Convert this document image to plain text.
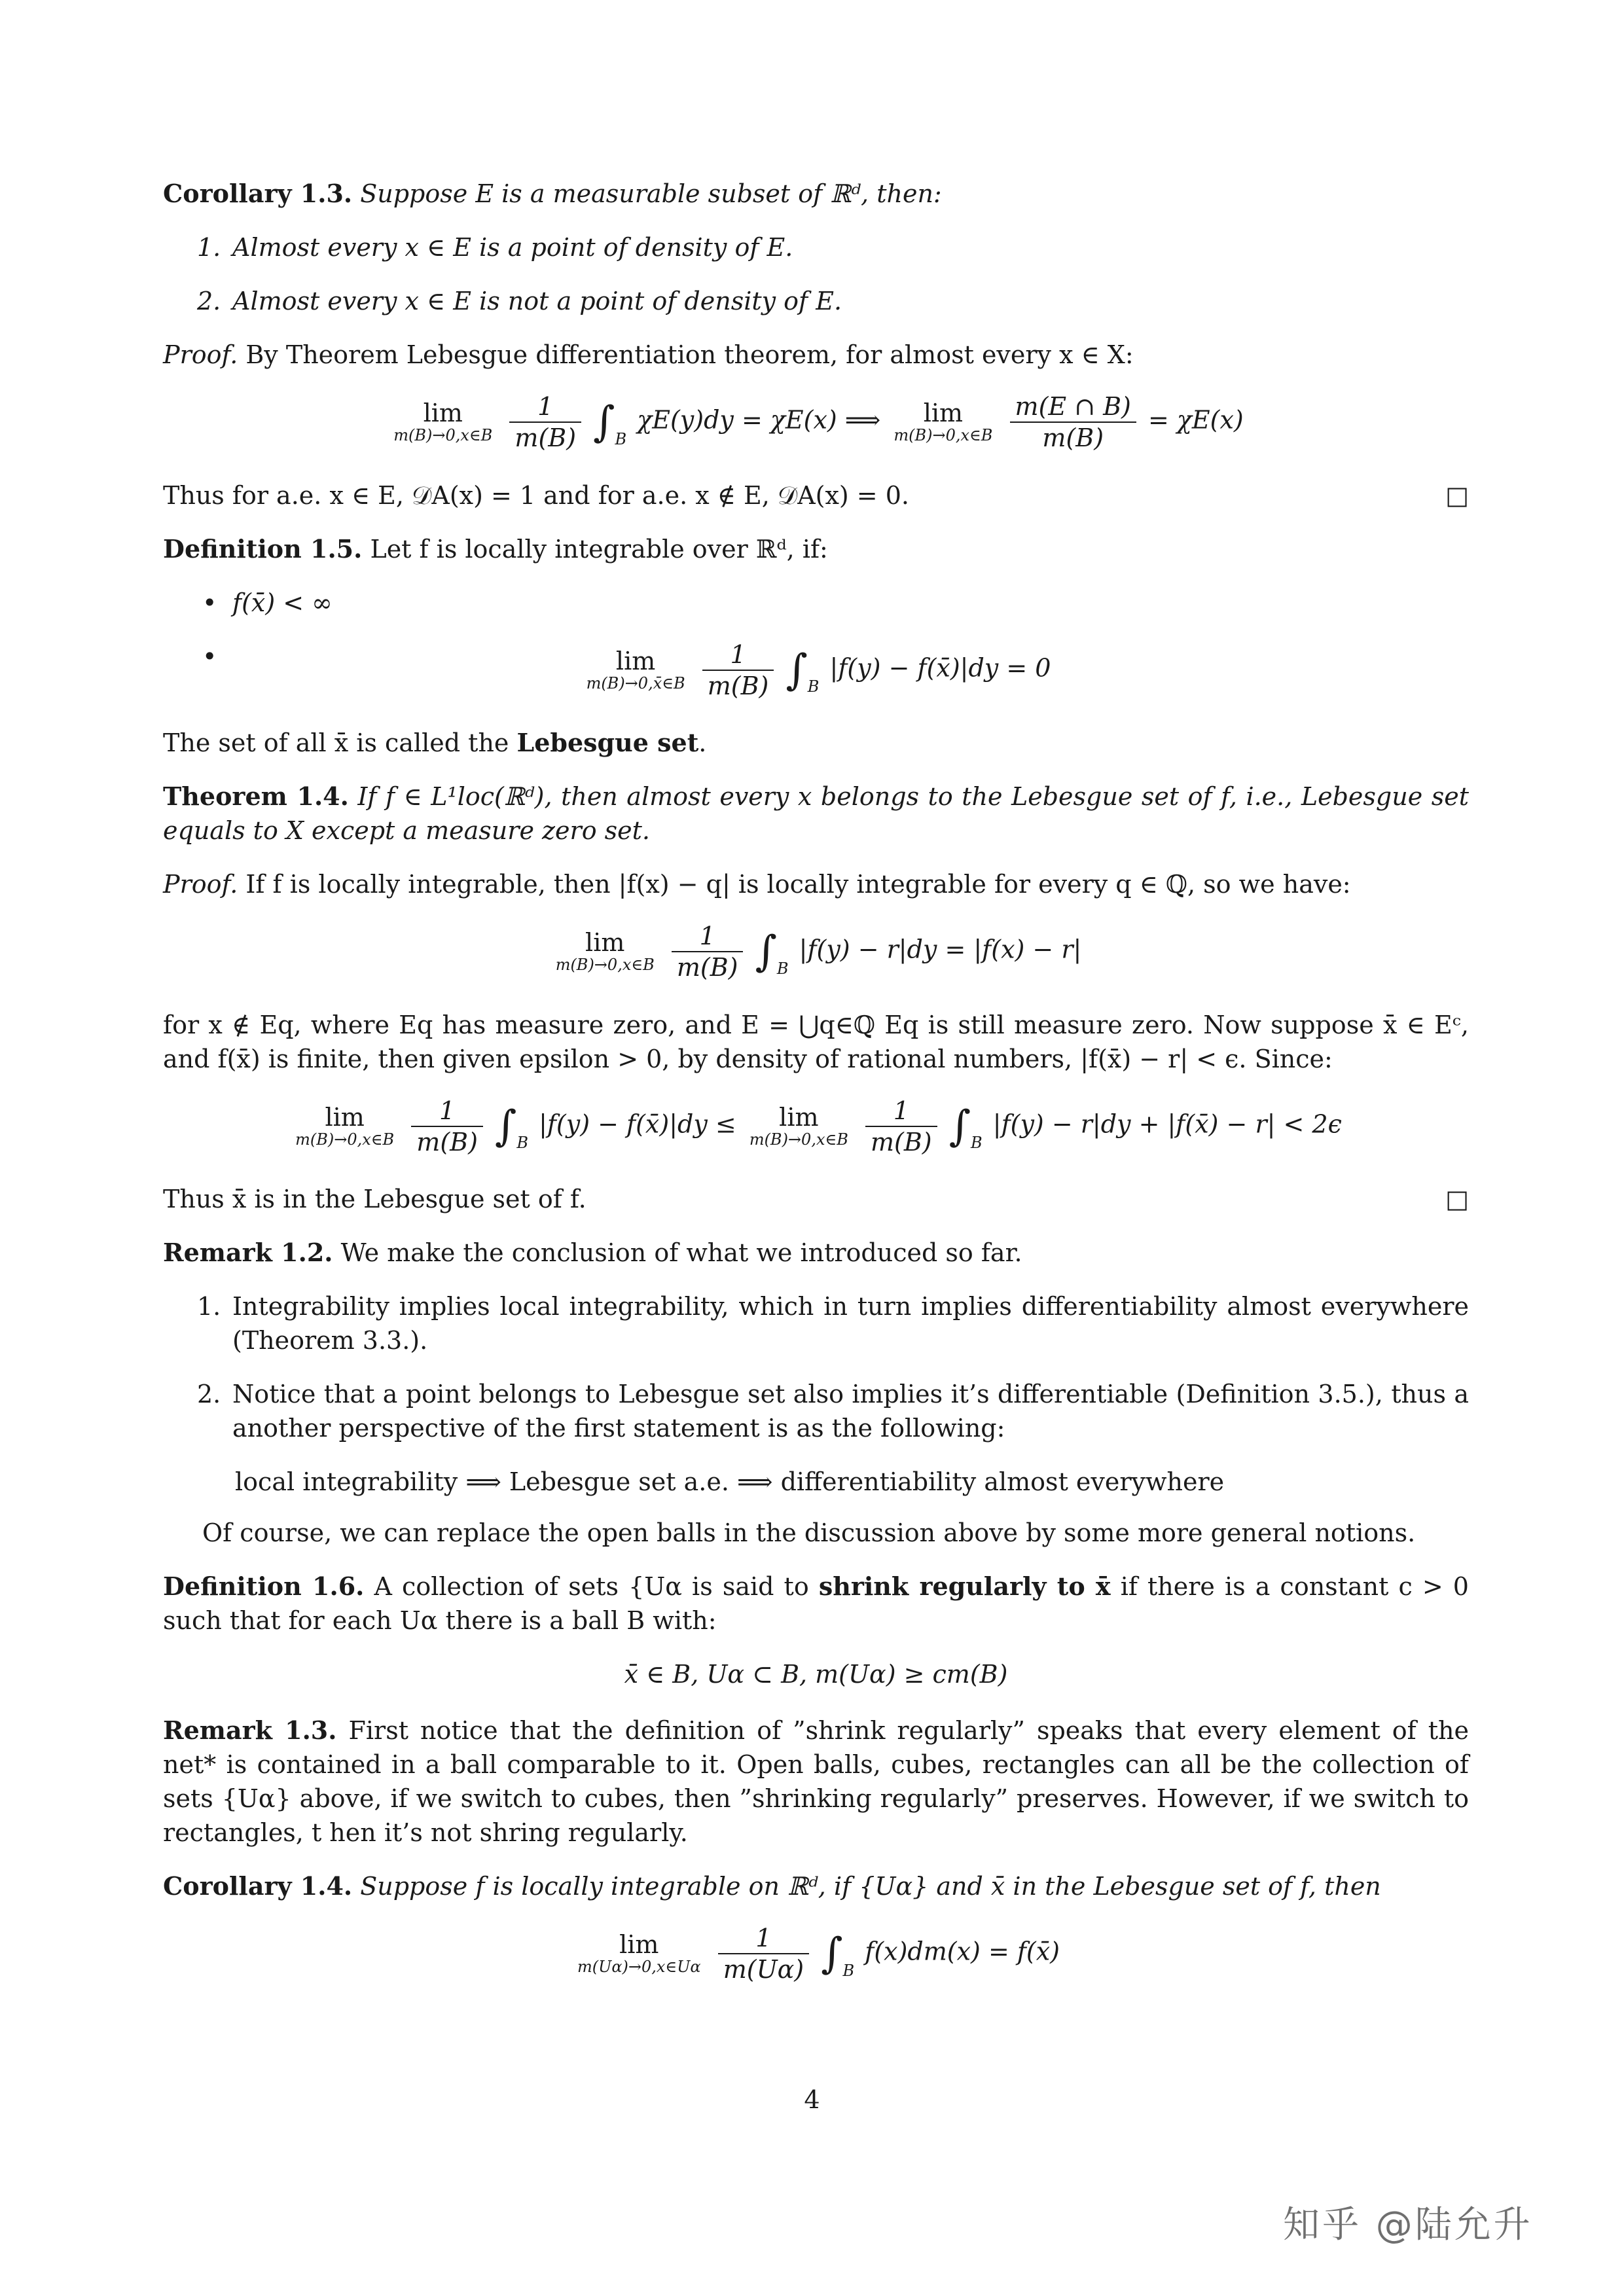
Corollary 1.3. Suppose E is a measurable subset of ℝᵈ, then:

1. Almost every x ∈ E is a point of density of E.
2. Almost every x ∈ E is not a point of density of E.

Proof. By Theorem Lebesgue differentiation theorem, for almost every x ∈ X:

lim
m(B)→0,x∈B
$\frac{1}{m(B)} \int_B$ χE(y)dy = χE(x) ⟹	lim
m(B)→0,x∈B
$\frac{m(E \cap B)}{m(B)} = \chi E(x)$

Thus for a.e. x ∈ E, 𝒟A(x) = 1 and for a.e. x ∉ E, 𝒟A(x) = 0.	□

Definition 1.5. Let f is locally integrable over ℝᵈ, if:

• f(x̄) < ∞
•	lim
m(B)→0,x̄∈B
$\frac{1}{m(B)} \int_B$ |f(y) − f(x̄)|dy = 0

The set of all x̄ is called the Lebesgue set.

Theorem 1.4. If f ∈ L¹loc(ℝᵈ), then almost every x belongs to the Lebesgue set of f, i.e., Lebesgue set equals to X except a measure zero set.

Proof. If f is locally integrable, then |f(x) − q| is locally integrable for every q ∈ ℚ, so we have:

lim
m(B)→0,x∈B
$\frac{1}{m(B)} \int_B$ |f(y) − r|dy = |f(x) − r|

for x ∉ Eq, where Eq has measure zero, and E = ⋃q∈ℚ Eq is still measure zero. Now suppose x̄ ∈ Eᶜ, and f(x̄) is finite, then given epsilon > 0, by density of rational numbers, |f(x̄) − r| < ϵ. Since:

lim
m(B)→0,x∈B
$\frac{1}{m(B)} \int_B$ |f(y) − f(x̄)|dy ≤	lim
m(B)→0,x∈B
$\frac{1}{m(B)} \int_B$ |f(y) − r|dy + |f(x̄) − r| < 2ϵ

Thus x̄ is in the Lebesgue set of f.	□

Remark 1.2. We make the conclusion of what we introduced so far.

1. Integrability implies local integrability, which in turn implies differentiability almost everywhere (Theorem 3.3.).
2. Notice that a point belongs to Lebesgue set also implies it’s differentiable (Definition 3.5.), thus a another perspective of the first statement is as the following:

local integrability ⟹ Lebesgue set a.e. ⟹ differentiability almost everywhere

Of course, we can replace the open balls in the discussion above by some more general notions.

Definition 1.6. A collection of sets {Uα is said to shrink regularly to x̄ if there is a constant c > 0 such that for each Uα there is a ball B with:

x̄ ∈ B, Uα ⊂ B, m(Uα) ≥ cm(B)

Remark 1.3. First notice that the definition of ”shrink regularly” speaks that every element of the net* is contained in a ball comparable to it. Open balls, cubes, rectangles can all be the collection of sets {Uα} above, if we switch to cubes, then ”shrinking regularly” preserves. However, if we switch to rectangles, t hen it’s not shring regularly.

Corollary 1.4. Suppose f is locally integrable on ℝᵈ, if {Uα} and x̄ in the Lebesgue set of f, then

lim
m(Uα)→0,x∈Uα
$\frac{1}{m(U\alpha)} \int_B$ f(x)dm(x) = f(x̄)
4
知乎 @陆允升
